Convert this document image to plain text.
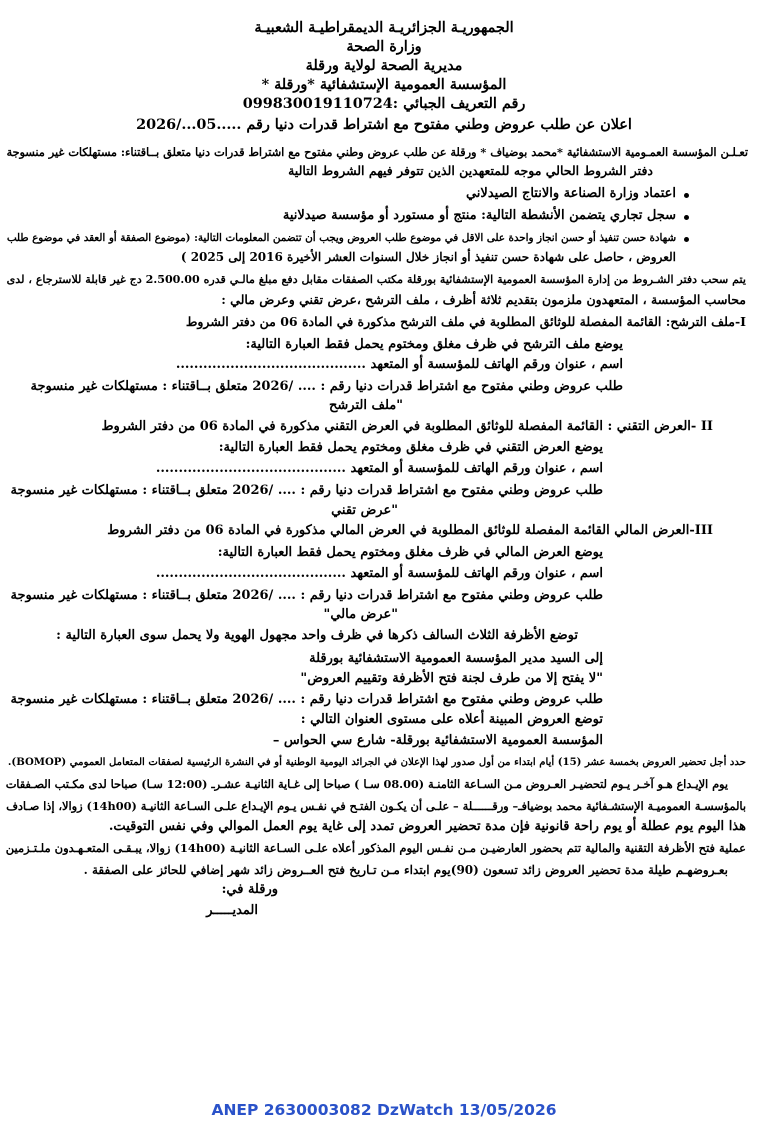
الجمهوريـة الجزائريـة الديمقراطيـة الشعبيـة
وزارة الصحة
مديرية الصحة لولاية ورقلة
المؤسسة العمومية الإستشفائية *ورقلة *
رقم التعريف الجبائي :099830019110724
اعلان عن طلب عروض وطني مفتوح مع اشتراط قدرات دنيا رقم .....05.../2026
تعـلـن المؤسسة العمـومية الاستشفائية *محمد بوضياف * ورقلة عن طلب عروض وطني مفتوح مع اشتراط قدرات دنيا متعلق بــاقتناء: مستهلكات غير منسوجة
دفتر الشروط الحالي موجه للمتعهدين الذين تتوفر فيهم الشروط التالية
اعتماد وزارة الصناعة والانتاج الصيدلاني
سجل تجاري يتضمن الأنشطة التالية: منتج أو مستورد أو مؤسسة صيدلانية
شهادة حسن تنفيذ أو حسن انجاز واحدة على الاقل في موضوع طلب العروض ويجب أن تتضمن المعلومات التالية: (موضوع الصفقة أو العقد في موضوع طلب
العروض ، حاصل على شهادة حسن تنفيذ أو انجاز خلال السنوات العشر الأخيرة 2016 إلى 2025 )
يتم سحب دفتر الشـروط من إدارة المؤسسة العمومية الإستشفائية بورقلة مكتب الصفقات مقابل دفع مبلغ مالـي قدره 2.500.00 دج غير قابلة للاسترجاع ، لدى
محاسب المؤسسة ، المتعهدون ملزمون بتقديم ثلاثة أظرف ، ملف الترشح ،عرض تقني وعرض مالي :
I-ملف الترشح: القائمة المفصلة للوثائق المطلوبة في ملف الترشح مذكورة في المادة 06 من دفتر الشروط
يوضع ملف الترشح في ظرف مغلق ومختوم يحمل فقط العبارة التالية:
اسم ، عنوان ورقم الهاتف للمؤسسة أو المتعهد ..........................................
طلب عروض وطني مفتوح مع اشتراط قدرات دنيا رقم : .... /2026 متعلق بــاقتناء : مستهلكات غير منسوجة
"ملف الترشح
II -العرض التقني : القائمة المفصلة للوثائق المطلوبة في العرض التقني مذكورة في المادة 06 من دفتر الشروط
يوضع العرض التقني في ظرف مغلق ومختوم يحمل فقط العبارة التالية:
اسم ، عنوان ورقم الهاتف للمؤسسة أو المتعهد ..........................................
طلب عروض وطني مفتوح مع اشتراط قدرات دنيا رقم : .... /2026 متعلق بــاقتناء : مستهلكات غير منسوجة
"عرض تقني
III-العرض المالي القائمة المفصلة للوثائق المطلوبة في العرض المالي مذكورة في المادة 06 من دفتر الشروط
يوضع العرض المالي في ظرف مغلق ومختوم يحمل فقط العبارة التالية:
اسم ، عنوان ورقم الهاتف للمؤسسة أو المتعهد ..........................................
طلب عروض وطني مفتوح مع اشتراط قدرات دنيا رقم : .... /2026 متعلق بــاقتناء : مستهلكات غير منسوجة
"عرض مالي"
توضع الأظرفة الثلاث السالف ذكرها في ظرف واحد مجهول الهوية ولا يحمل سوى العبارة التالية :
إلى السيد مدير المؤسسة العمومية الاستشفائية بورقلة
"لا يفتح إلا من طرف لجنة فتح الأظرفة وتقييم العروض"
طلب عروض وطني مفتوح مع اشتراط قدرات دنيا رقم : .... /2026 متعلق بــاقتناء : مستهلكات غير منسوجة
توضع العروض المبينة أعلاه على مستوى العنوان التالي :
المؤسسة العمومية الاستشفائية بورقلة- شارع سي الحواس –
حدد أجل تحضير العروض بخمسة عشر (15) أيام ابتداء من أول صدور لهذا الإعلان في الجرائد اليومية الوطنية أو في النشرة الرئيسية لصفقات المتعامل العمومي (BOMOP).
يوم الإيـداع هـو آخـر يـوم لتحضيـر العـروض مـن السـاعة الثامنـة (08.00 سـا ) صباحا إلى غـاية الثانيـة عشـرـ (12:00 سـا) صباحا لدى مكـتب الصـفقات
بالمؤسسـة العموميـة الإستشـفائية محمد بوضيافـ– ورقــــــلة – علـى أن يكـون الفتـح في نفـس يـوم الإيـداع علـى السـاعة الثانيـة (14h00) زوالا، إذا صـادف
هذا اليوم يوم عطلة أو يوم راحة قانونية فإن مدة تحضير العروض تمدد إلى غاية يوم العمل الموالي وفي نفس التوقيت.
عملية فتح الأظرفة التقنية والمالية تتم بحضور العارضيـن مـن نفـس اليوم المذكور أعلاه علـى السـاعة الثانيـة (14h00) زوالا، يبـقـى المتعـهـدون ملـتـزمين
بعـروضهـم طيلة مدة تحضير العروض زائد تسعون (90)يوم ابتداء مـن تـاريخ فتح العــروض زائد شهر إضافي للحائز على الصفقة .
ورقلة في:
المديـــــر
ANEP 2630003082 DzWatch 13/05/2026
